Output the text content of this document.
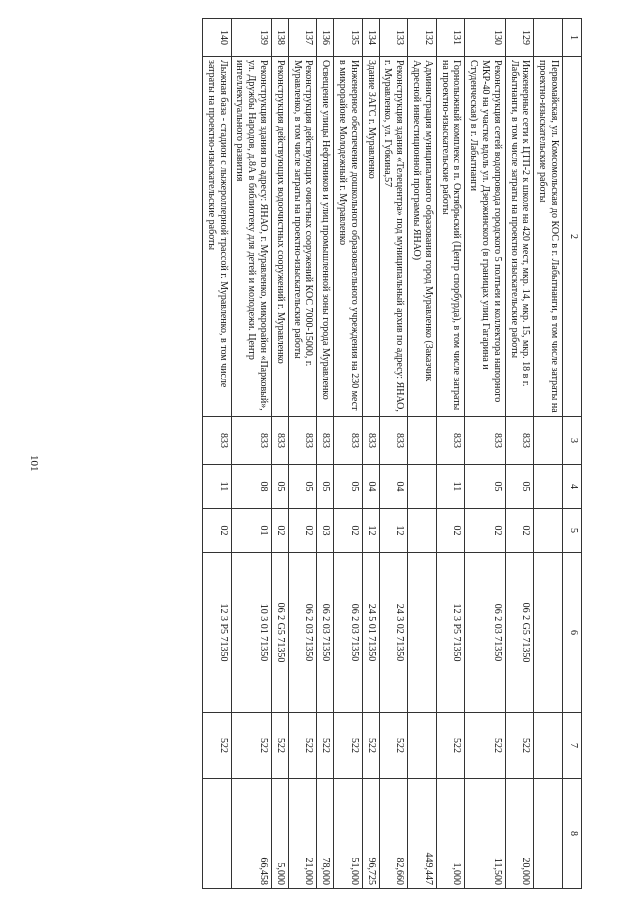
101
1	2	3	4	5	6	7	8
	Первомайская, ул. Комсомольская до КОС в г. Лабытнанги, в том числе затраты на проектно-изыскательские работы						
129	Инженерные сети к ЦТП-2 к школе на 420 мест, мкр. 14, мкр. 15, мкр. 18 в г. Лабытнанги, в том числе затраты на проектно изыскательские работы	833	05	02	06 2 G5 71350	522	20,000
130	Реконструкция сетей водопровода городского 5 полтьеи и коллектора напорного МКР-40 на участке вдоль ул. Дзержинского (в границах улиц Гагарина и Студенческая) в г. Лабытнанги	833	05	02	06 2 03 71350	522	11,500
131	Горнолыжный комплекс в п. Октябрьский (Центр спорбурда), в том числе затраты на проектно-изыскательские работы	833	11	02	12 3 P5 71350	522	1,000
132	Администрация муниципального образования город Муравленко (Заказчик Адресной инвестиционной программы ЯНАО)						449,447
133	Реконструкция здания «Телецентра» под муниципальный архив по адресу: ЯНАО, г. Муравленко, ул. Губкина,57	833	04	12	24 3 02 71350	522	82,660
134	Здание ЗАГС г. Муравленко	833	04	12	24 5 01 71350	522	96,725
135	Инженерное обеспечение дошкольного образовательного учреждения на 230 мест в микрорайоне Молодежный г. Муравленко	833	05	02	06 2 03 71350	522	51,000
136	Освещение улицы Нефтяников и улиц промышленной зоны города Муравленко	833	05	03	06 2 03 71350	522	78,000
137	Реконструкция действующих очистных сооружений КОС 7000-15000, г. Муравленко, в том числе затраты на проектно-изыскательские работы	833	05	02	06 2 03 71350	522	21,000
138	Реконструкция действующих водоочистных сооружений г. Муравленко	833	05	02	06 2 G5 71350	522	5,000
139	Реконструкция здания по адресу: ЯНАО, г. Муравленко, микрорайон «Парковый», ул. Дружбы Народов, д.8А в библиотеку для детей и молодежи. Центр интеллектуального развития	833	08	01	10 3 01 71350	522	66,458
140	Лыжная база - стадион с лыжероллерной трассой г. Муравленко, в том числе затраты на проектно-изыскательские работы	833	11	02	12 3 P5 71350	522	
